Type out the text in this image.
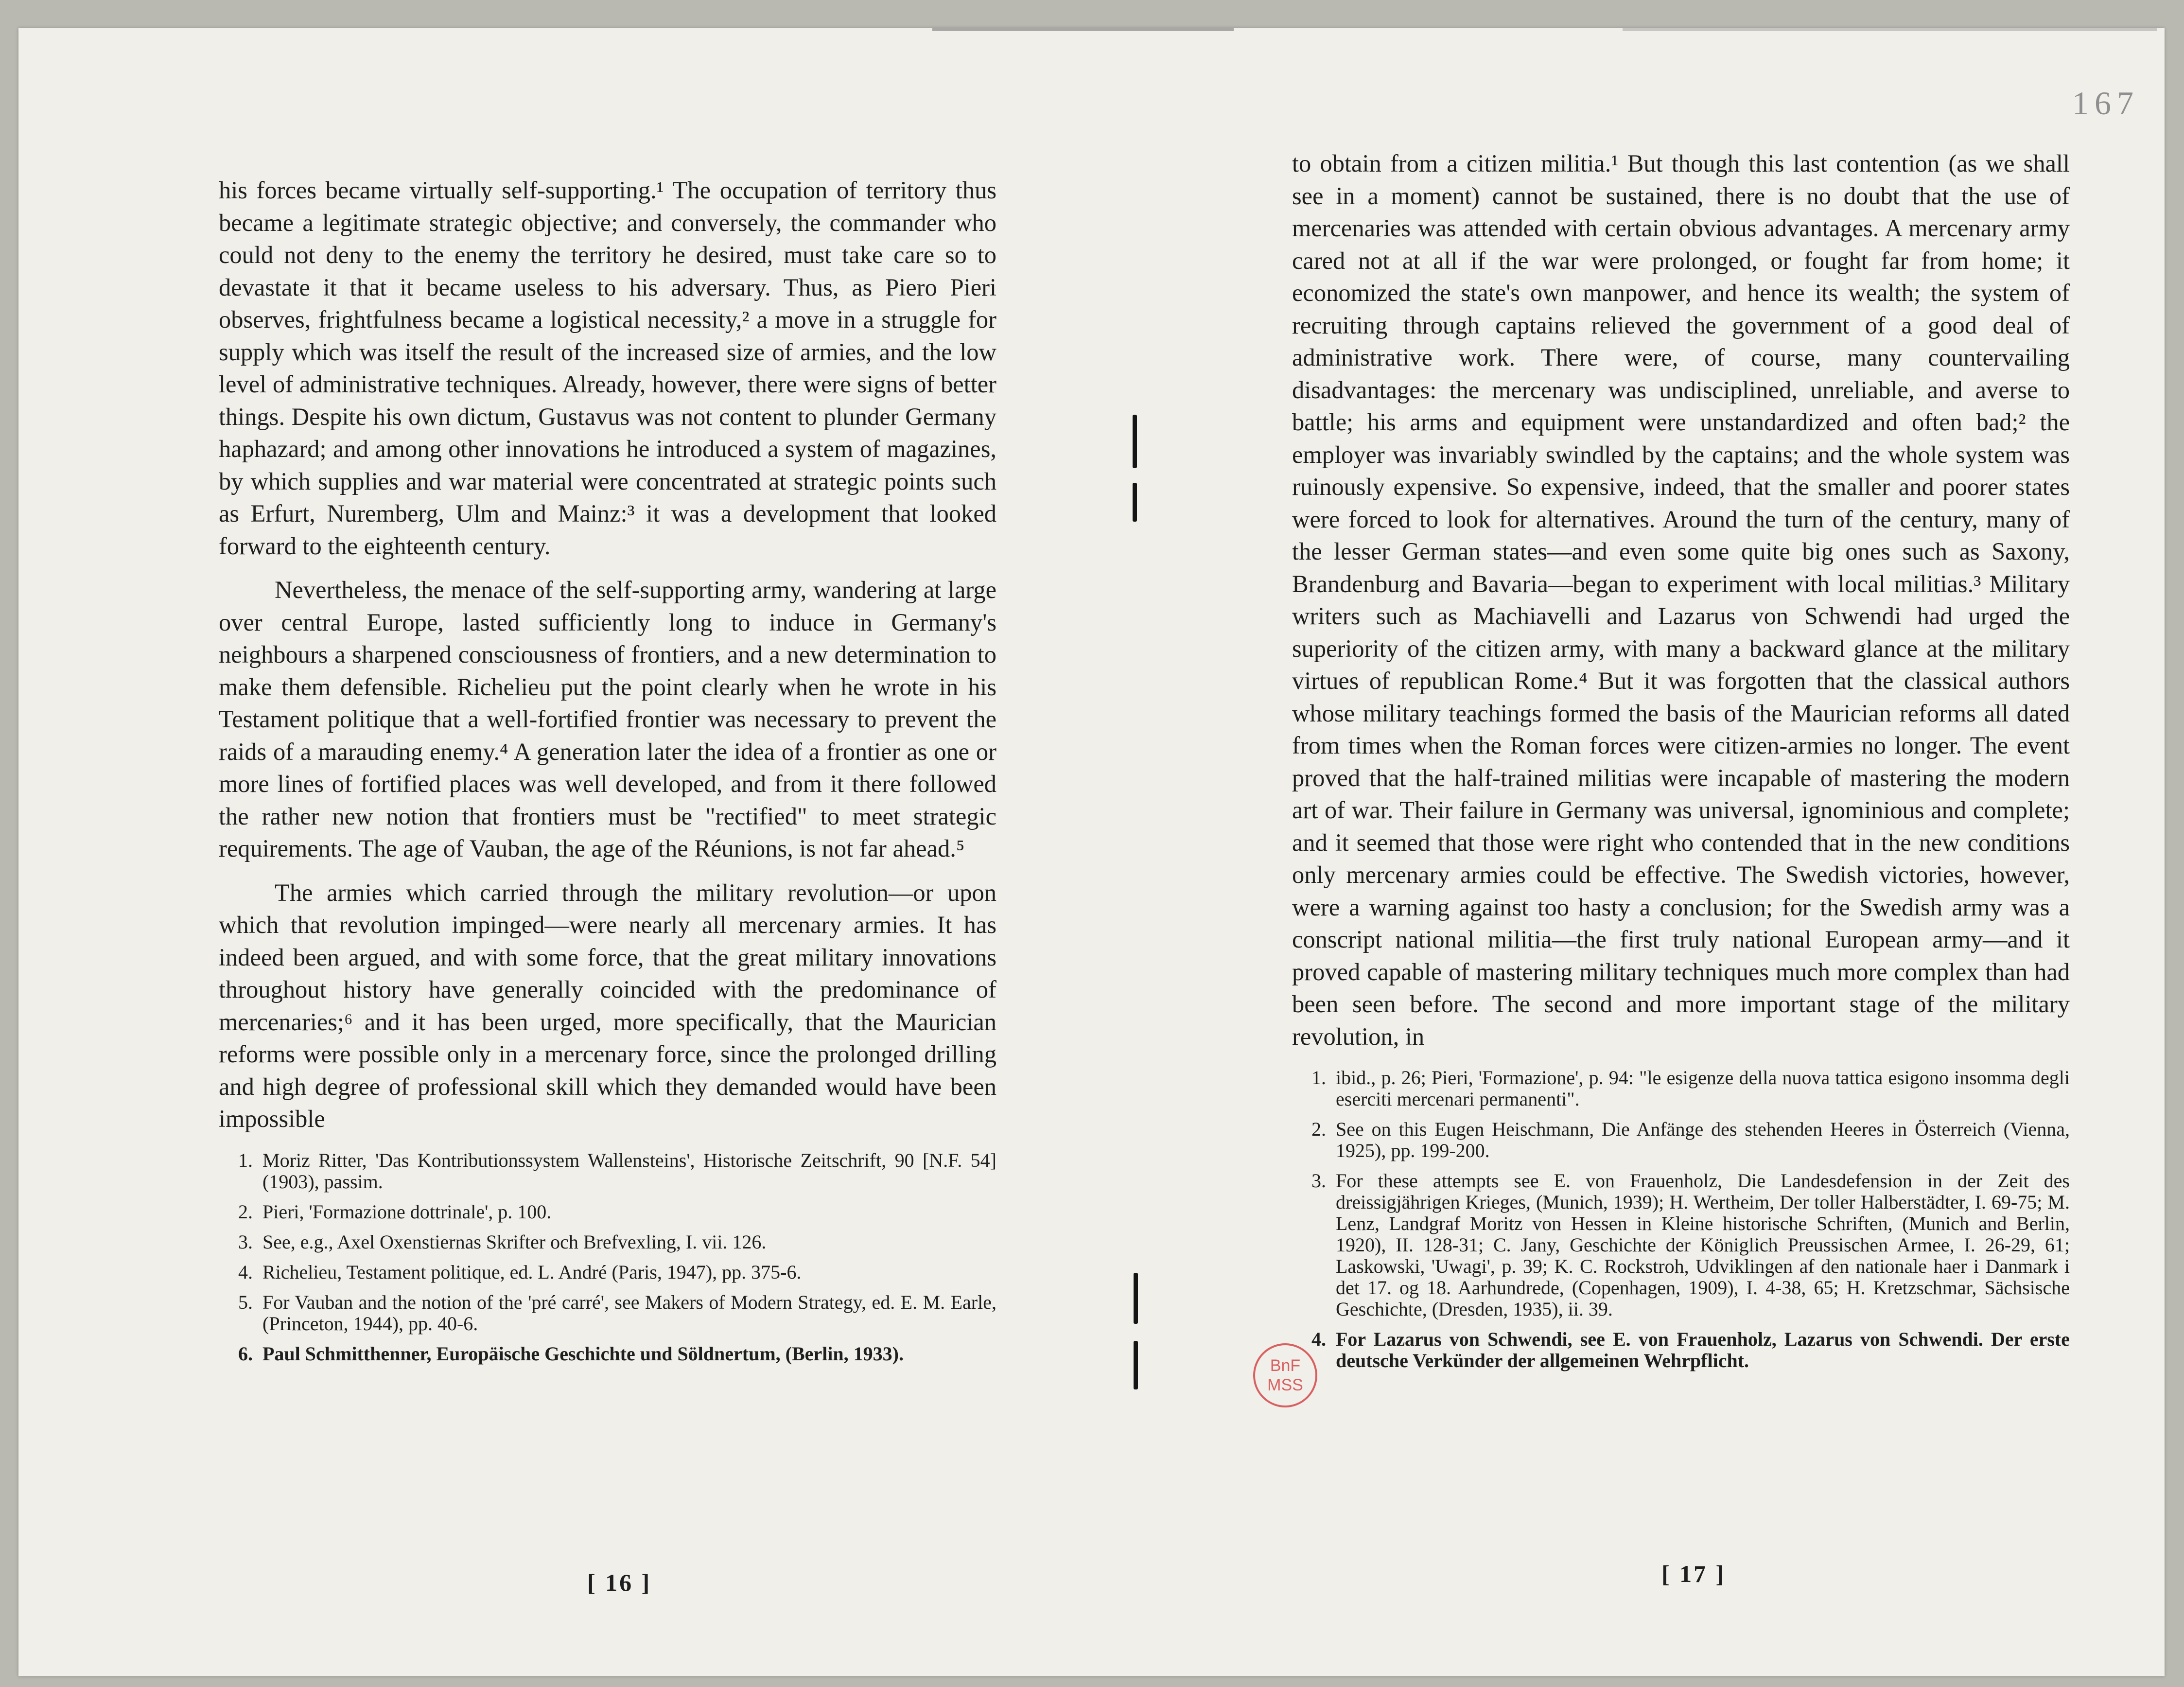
167

his forces became virtually self-supporting.¹ The occupation of territory thus became a legitimate strategic objective; and conversely, the commander who could not deny to the enemy the territory he desired, must take care so to devastate it that it became useless to his adversary. Thus, as Piero Pieri observes, frightfulness became a logistical necessity,² a move in a struggle for supply which was itself the result of the increased size of armies, and the low level of administrative techniques. Already, however, there were signs of better things. Despite his own dictum, Gustavus was not content to plunder Germany haphazard; and among other innovations he introduced a system of magazines, by which supplies and war material were concentrated at strategic points such as Erfurt, Nuremberg, Ulm and Mainz:³ it was a development that looked forward to the eighteenth century.

Nevertheless, the menace of the self-supporting army, wandering at large over central Europe, lasted sufficiently long to induce in Germany's neighbours a sharpened consciousness of frontiers, and a new determination to make them defensible. Richelieu put the point clearly when he wrote in his Testament politique that a well-fortified frontier was necessary to prevent the raids of a marauding enemy.⁴ A generation later the idea of a frontier as one or more lines of fortified places was well developed, and from it there followed the rather new notion that frontiers must be "rectified" to meet strategic requirements. The age of Vauban, the age of the Réunions, is not far ahead.⁵

The armies which carried through the military revolution—or upon which that revolution impinged—were nearly all mercenary armies. It has indeed been argued, and with some force, that the great military innovations throughout history have generally coincided with the predominance of mercenaries;⁶ and it has been urged, more specifically, that the Maurician reforms were possible only in a mercenary force, since the prolonged drilling and high degree of professional skill which they demanded would have been impossible

1. Moriz Ritter, 'Das Kontributionssystem Wallensteins', Historische Zeitschrift, 90 [N.F. 54] (1903), passim.
2. Pieri, 'Formazione dottrinale', p. 100.
3. See, e.g., Axel Oxenstiernas Skrifter och Brefvexling, I. vii. 126.
4. Richelieu, Testament politique, ed. L. André (Paris, 1947), pp. 375-6.
5. For Vauban and the notion of the 'pré carré', see Makers of Modern Strategy, ed. E. M. Earle, (Princeton, 1944), pp. 40-6.
6. Paul Schmitthenner, Europäische Geschichte und Söldnertum, (Berlin, 1933).
[ 16 ]

to obtain from a citizen militia.¹ But though this last contention (as we shall see in a moment) cannot be sustained, there is no doubt that the use of mercenaries was attended with certain obvious advantages. A mercenary army cared not at all if the war were prolonged, or fought far from home; it economized the state's own manpower, and hence its wealth; the system of recruiting through captains relieved the government of a good deal of administrative work. There were, of course, many countervailing disadvantages: the mercenary was undisciplined, unreliable, and averse to battle; his arms and equipment were unstandardized and often bad;² the employer was invariably swindled by the captains; and the whole system was ruinously expensive. So expensive, indeed, that the smaller and poorer states were forced to look for alternatives. Around the turn of the century, many of the lesser German states—and even some quite big ones such as Saxony, Brandenburg and Bavaria—began to experiment with local militias.³ Military writers such as Machiavelli and Lazarus von Schwendi had urged the superiority of the citizen army, with many a backward glance at the military virtues of republican Rome.⁴ But it was forgotten that the classical authors whose military teachings formed the basis of the Maurician reforms all dated from times when the Roman forces were citizen-armies no longer. The event proved that the half-trained militias were incapable of mastering the modern art of war. Their failure in Germany was universal, ignominious and complete; and it seemed that those were right who contended that in the new conditions only mercenary armies could be effective. The Swedish victories, however, were a warning against too hasty a conclusion; for the Swedish army was a conscript national militia—the first truly national European army—and it proved capable of mastering military techniques much more complex than had been seen before. The second and more important stage of the military revolution, in

1. ibid., p. 26; Pieri, 'Formazione', p. 94: "le esigenze della nuova tattica esigono insomma degli eserciti mercenari permanenti".
2. See on this Eugen Heischmann, Die Anfänge des stehenden Heeres in Österreich (Vienna, 1925), pp. 199-200.
3. For these attempts see E. von Frauenholz, Die Landesdefension in der Zeit des dreissigjährigen Krieges, (Munich, 1939); H. Wertheim, Der toller Halberstädter, I. 69-75; M. Lenz, Landgraf Moritz von Hessen in Kleine historische Schriften, (Munich and Berlin, 1920), II. 128-31; C. Jany, Geschichte der Königlich Preussischen Armee, I. 26-29, 61; Laskowski, 'Uwagi', p. 39; K. C. Rockstroh, Udviklingen af den nationale haer i Danmark i det 17. og 18. Aarhundrede, (Copenhagen, 1909), I. 4-38, 65; H. Kretzschmar, Sächsische Geschichte, (Dresden, 1935), ii. 39.
4. For Lazarus von Schwendi, see E. von Frauenholz, Lazarus von Schwendi. Der erste deutsche Verkünder der allgemeinen Wehrpflicht.
[ 17 ]
BnF
MSS
